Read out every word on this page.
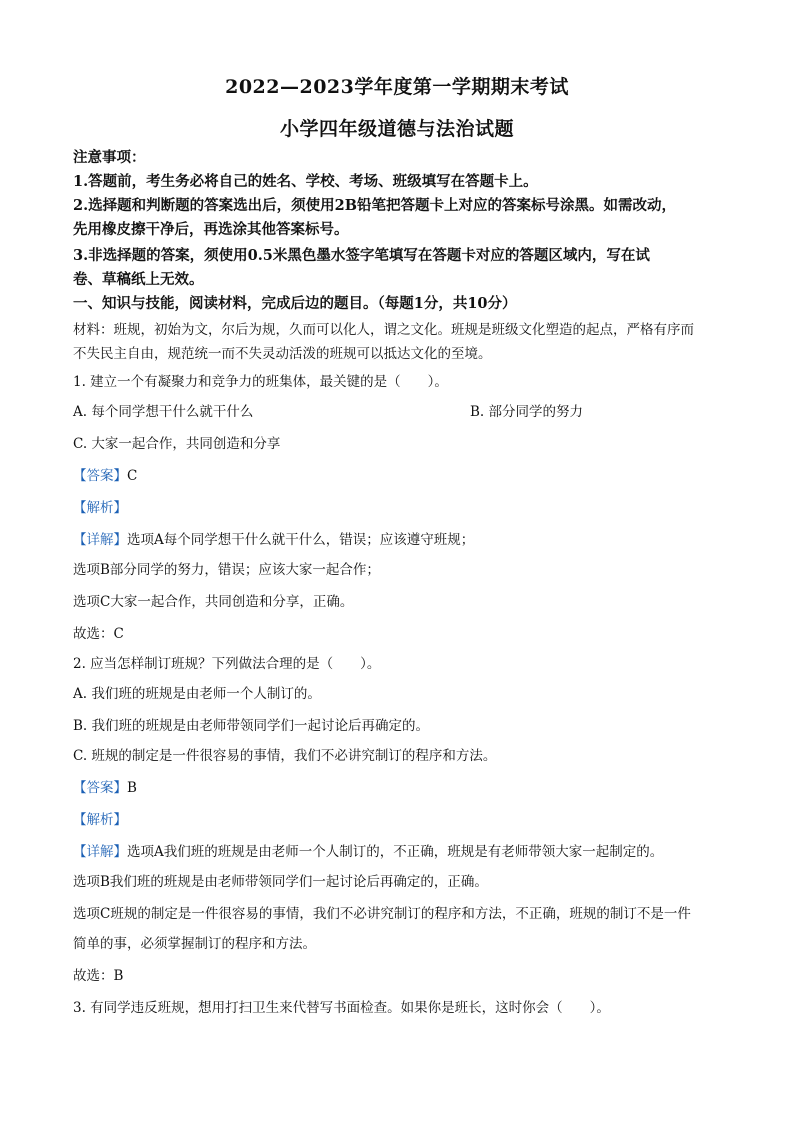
2022—2023学年度第一学期期末考试
小学四年级道德与法治试题
注意事项：
1.答题前，考生务必将自己的姓名、学校、考场、班级填写在答题卡上。
2.选择题和判断题的答案选出后，须使用2B铅笔把答题卡上对应的答案标号涂黑。如需改动，
先用橡皮擦干净后，再选涂其他答案标号。
3.非选择题的答案，须使用0.5米黑色墨水签字笔填写在答题卡对应的答题区域内，写在试
卷、草稿纸上无效。
一、知识与技能，阅读材料，完成后边的题目。（每题1分，共10分）
材料：班规，初始为文，尔后为规，久而可以化人，谓之文化。班规是班级文化塑造的起点，严格有序而
不失民主自由，规范统一而不失灵动活泼的班规可以抵达文化的至境。
1. 建立一个有凝聚力和竞争力的班集体，最关键的是（　　）。
A. 每个同学想干什么就干什么	B. 部分同学的努力
C. 大家一起合作，共同创造和分享
【答案】C
【解析】
【详解】选项A每个同学想干什么就干什么，错误；应该遵守班规；
选项B部分同学的努力，错误；应该大家一起合作；
选项C大家一起合作，共同创造和分享，正确。
故选：C
2. 应当怎样制订班规？下列做法合理的是（　　）。
A. 我们班的班规是由老师一个人制订的。
B. 我们班的班规是由老师带领同学们一起讨论后再确定的。
C. 班规的制定是一件很容易的事情，我们不必讲究制订的程序和方法。
【答案】B
【解析】
【详解】选项A我们班的班规是由老师一个人制订的，不正确，班规是有老师带领大家一起制定的。
选项B我们班的班规是由老师带领同学们一起讨论后再确定的，正确。
选项C班规的制定是一件很容易的事情，我们不必讲究制订的程序和方法，不正确，班规的制订不是一件
简单的事，必须掌握制订的程序和方法。
故选：B
3. 有同学违反班规，想用打扫卫生来代替写书面检查。如果你是班长，这时你会（　　）。
